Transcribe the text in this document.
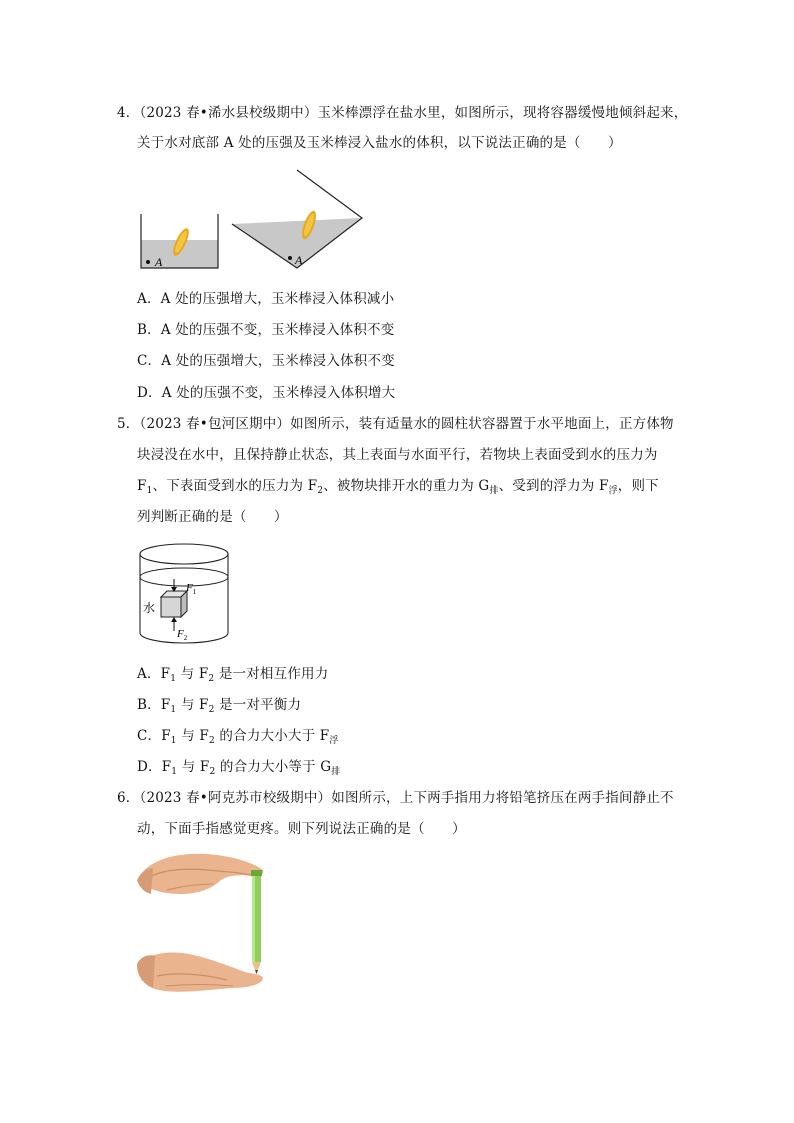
4．（2023 春•浠水县校级期中）玉米棒漂浮在盐水里，如图所示，现将容器缓慢地倾斜起来，
关于水对底部 A 处的压强及玉米棒浸入盐水的体积，以下说法正确的是（　　）
A	A
A．A 处的压强增大，玉米棒浸入体积减小
B．A 处的压强不变，玉米棒浸入体积不变
C．A 处的压强增大，玉米棒浸入体积不变
D．A 处的压强不变，玉米棒浸入体积增大
5．（2023 春•包河区期中）如图所示，装有适量水的圆柱状容器置于水平地面上，正方体物
块浸没在水中，且保持静止状态，其上表面与水面平行，若物块上表面受到水的压力为
$F_1$、下表面受到水的压力为 $F_2$、被物块排开水的重力为 $G_排$、受到的浮力为 $F_浮$，则下
列判断正确的是（　　）
水
$F_1$
$F_2$
A．$F_1$ 与 $F_2$ 是一对相互作用力
B．$F_1$ 与 $F_2$ 是一对平衡力
C．$F_1$ 与 $F_2$ 的合力大小大于 $F_浮$
D．$F_1$ 与 $F_2$ 的合力大小等于 $G_排$
6．（2023 春•阿克苏市校级期中）如图所示，上下两手指用力将铅笔挤压在两手指间静止不
动，下面手指感觉更疼。则下列说法正确的是（　　）
